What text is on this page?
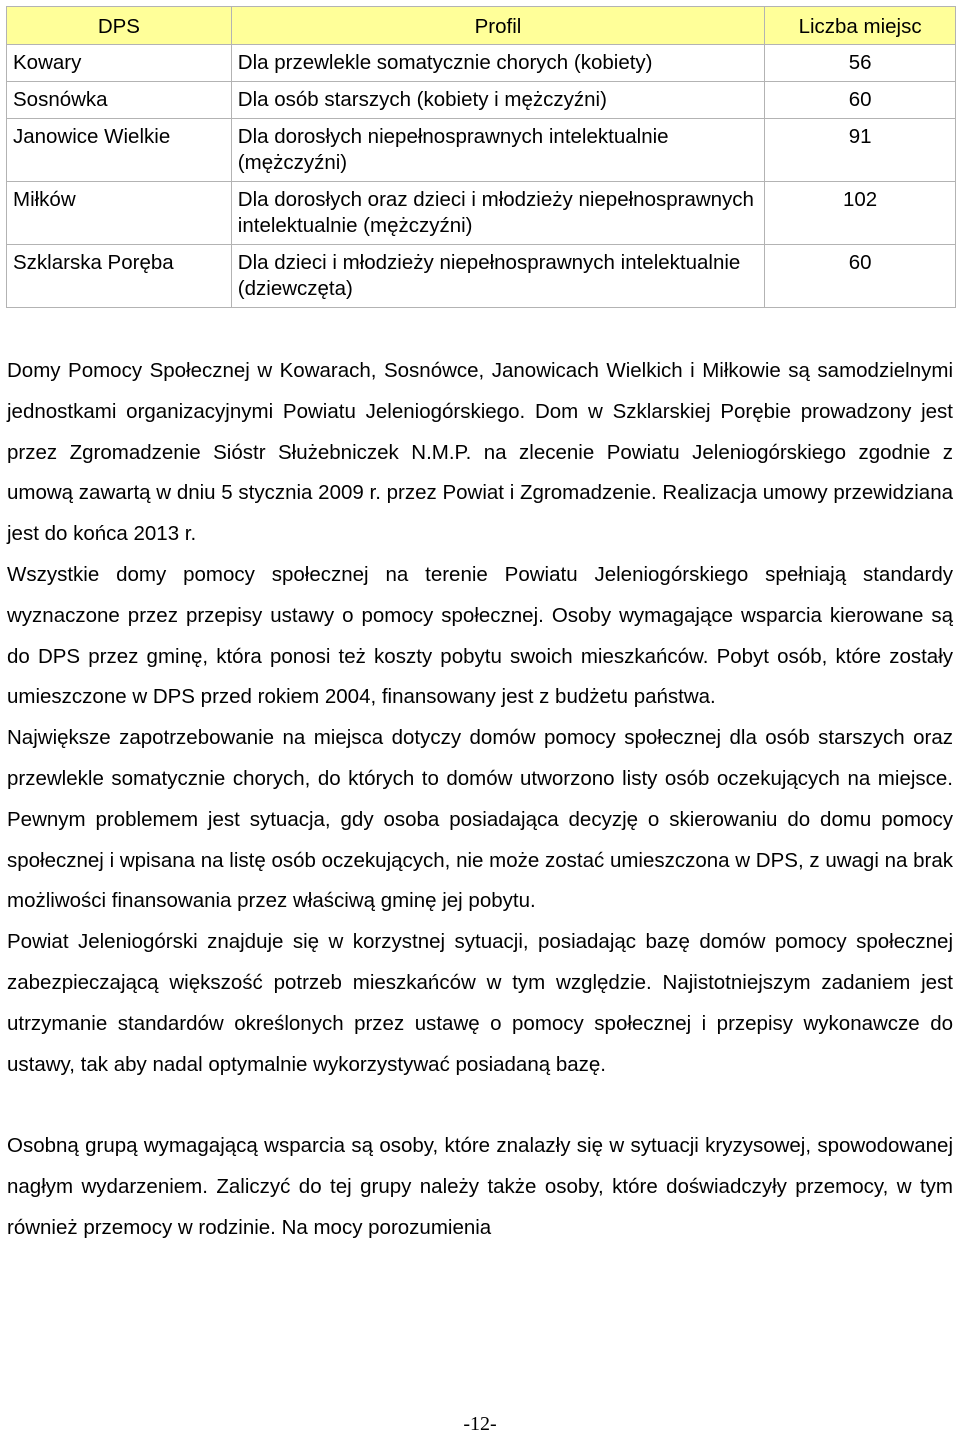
DPS	Profil	Liczba miejsc
Kowary	Dla przewlekle somatycznie chorych (kobiety)	56
Sosnówka	Dla osób starszych (kobiety i mężczyźni)	60
Janowice Wielkie	Dla dorosłych niepełnosprawnych intelektualnie (mężczyźni)	91
Miłków	Dla dorosłych oraz dzieci i młodzieży niepełnosprawnych intelektualnie (mężczyźni)	102
Szklarska Poręba	Dla dzieci i młodzieży niepełnosprawnych intelektualnie (dziewczęta)	60

Domy Pomocy Społecznej w Kowarach, Sosnówce, Janowicach Wielkich i Miłkowie są samodzielnymi jednostkami organizacyjnymi Powiatu Jeleniogórskiego. Dom w Szklarskiej Porębie prowadzony jest przez Zgromadzenie Sióstr Służebniczek N.M.P. na zlecenie Powiatu Jeleniogórskiego zgodnie z umową zawartą w dniu 5 stycznia 2009 r. przez Powiat i Zgromadzenie. Realizacja umowy przewidziana jest do końca 2013 r.

Wszystkie domy pomocy społecznej na terenie Powiatu Jeleniogórskiego spełniają standardy wyznaczone przez przepisy ustawy o pomocy społecznej. Osoby wymagające wsparcia kierowane są do DPS przez gminę, która ponosi też koszty pobytu swoich mieszkańców. Pobyt osób, które zostały umieszczone w DPS przed rokiem 2004, finansowany jest z budżetu państwa.

Największe zapotrzebowanie na miejsca dotyczy domów pomocy społecznej dla osób starszych oraz przewlekle somatycznie chorych, do których to domów utworzono listy osób oczekujących na miejsce. Pewnym problemem jest sytuacja, gdy osoba posiadająca decyzję o skierowaniu do domu pomocy społecznej i wpisana na listę osób oczekujących, nie może zostać umieszczona w DPS, z uwagi na brak możliwości finansowania przez właściwą gminę jej pobytu.

Powiat Jeleniogórski znajduje się w korzystnej sytuacji, posiadając bazę domów pomocy społecznej zabezpieczającą większość potrzeb mieszkańców w tym względzie. Najistotniejszym zadaniem jest utrzymanie standardów określonych przez ustawę o pomocy społecznej i przepisy wykonawcze do ustawy, tak aby nadal optymalnie wykorzystywać posiadaną bazę.

Osobną grupą wymagającą wsparcia są osoby, które znalazły się w sytuacji kryzysowej, spowodowanej nagłym wydarzeniem. Zaliczyć do tej grupy należy także osoby, które doświadczyły przemocy, w tym również przemocy w rodzinie. Na mocy porozumienia

-12-
